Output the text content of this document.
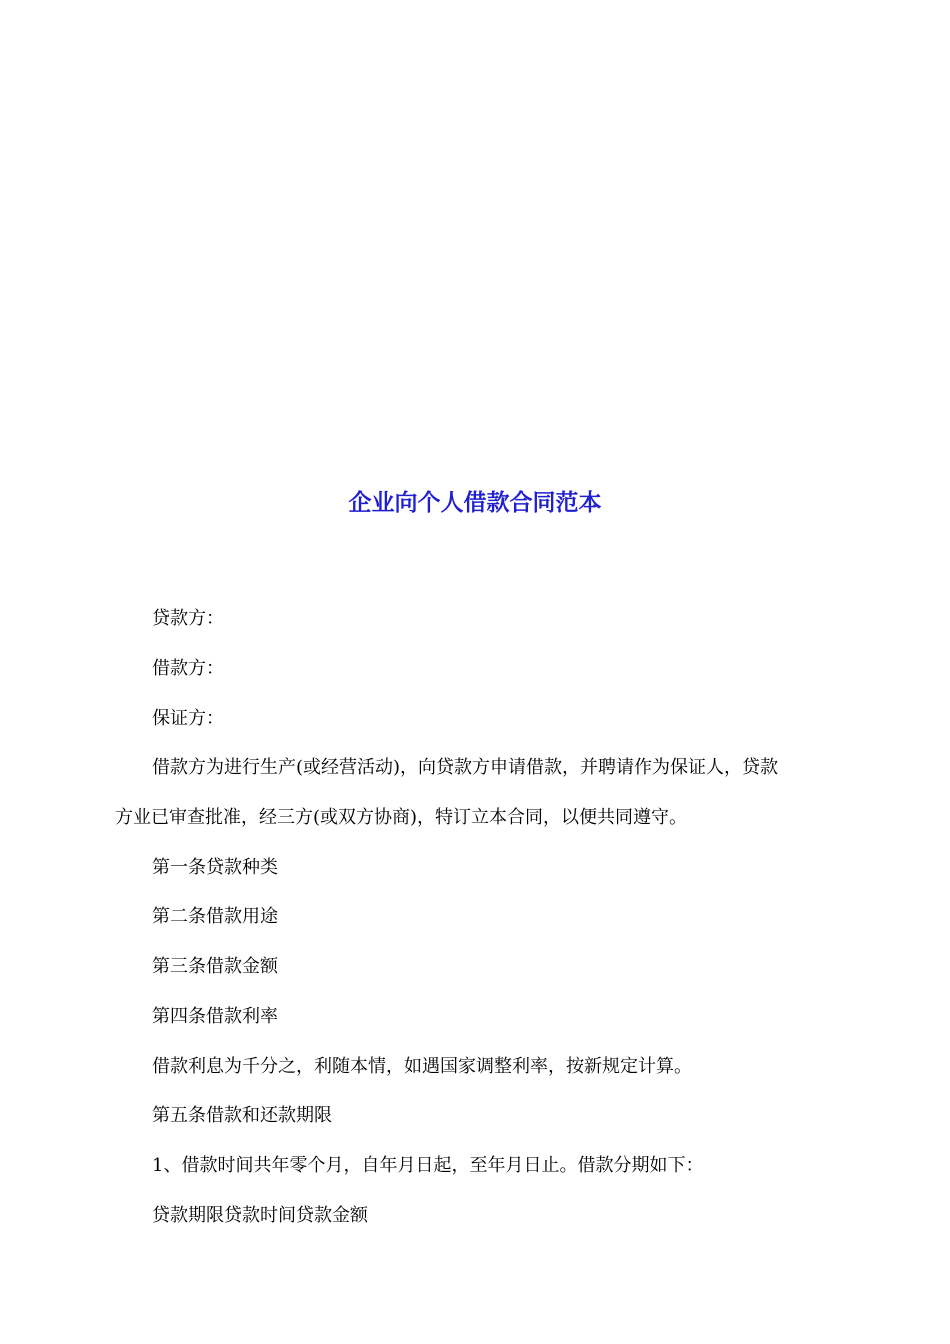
企业向个人借款合同范本

贷款方：

借款方：

保证方：

借款方为进行生产(或经营活动)，向贷款方申请借款，并聘请作为保证人，贷款

方业已审查批准，经三方(或双方协商)，特订立本合同，以便共同遵守。

第一条贷款种类

第二条借款用途

第三条借款金额

第四条借款利率

借款利息为千分之，利随本情，如遇国家调整利率，按新规定计算。

第五条借款和还款期限

1、借款时间共年零个月，自年月日起，至年月日止。借款分期如下：

贷款期限贷款时间贷款金额
